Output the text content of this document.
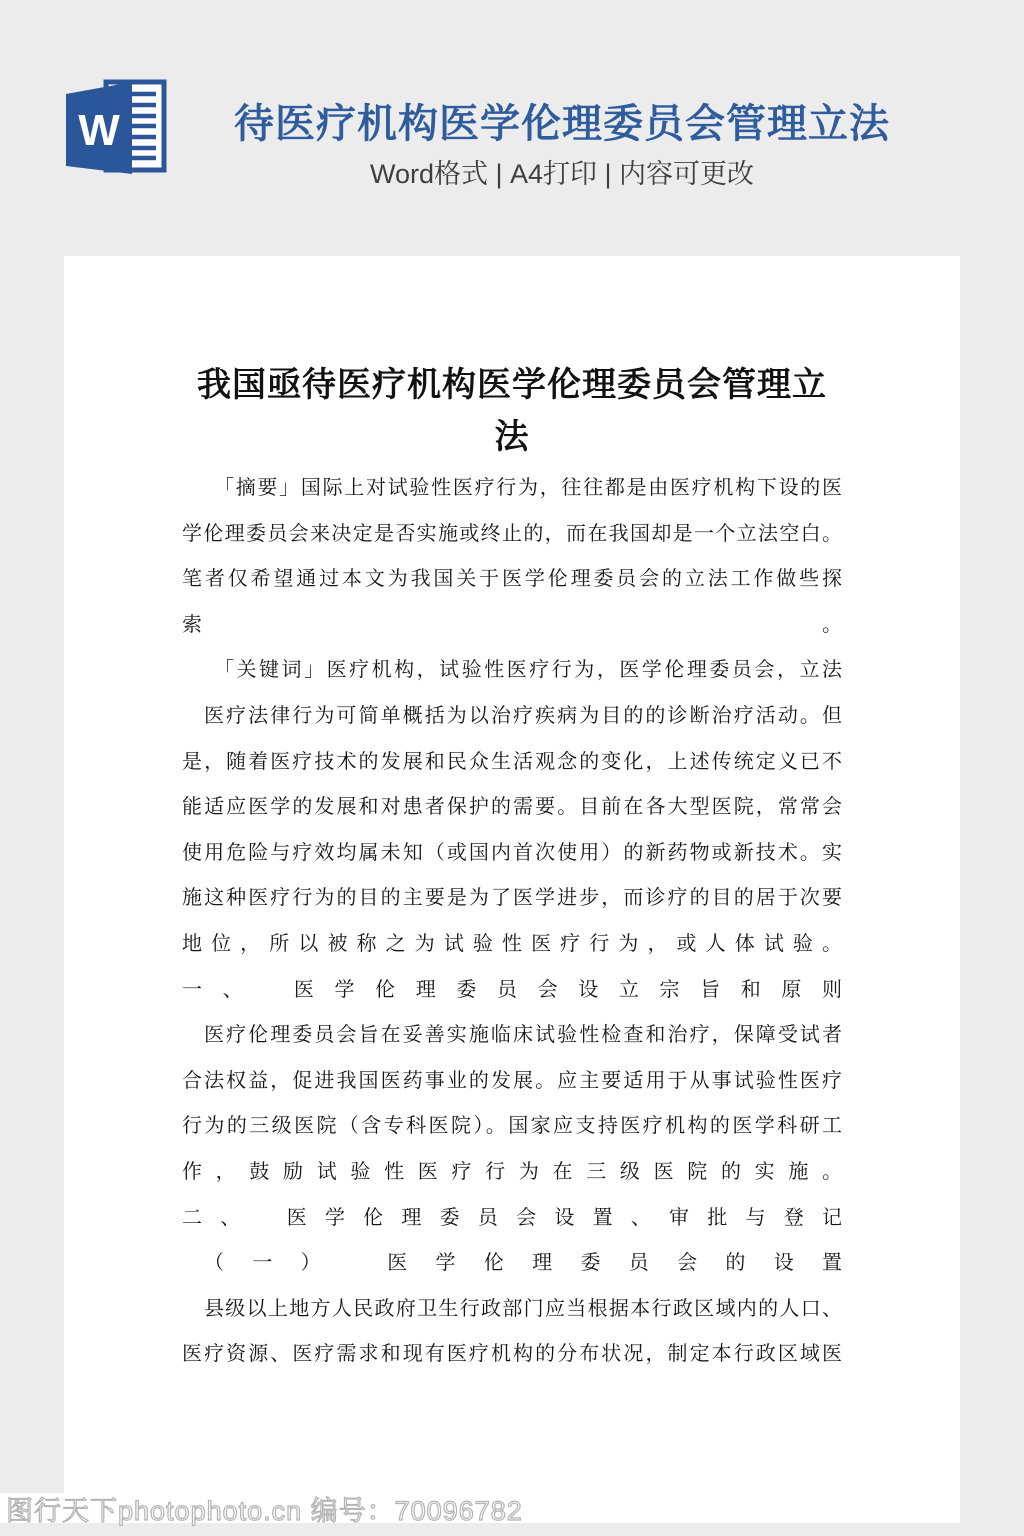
W	待医疗机构医学伦理委员会管理立法
Word格式 | A4打印 | 内容可更改
我国亟待医疗机构医学伦理委员会管理立
法
「摘要」国际上对试验性医疗行为，往往都是由医疗机构下设的医
学伦理委员会来决定是否实施或终止的，而在我国却是一个立法空白。
笔者仅希望通过本文为我国关于医学伦理委员会的立法工作做些探
索。
「关键词」医疗机构，试验性医疗行为，医学伦理委员会，立法
医疗法律行为可简单概括为以治疗疾病为目的的诊断治疗活动。但
是，随着医疗技术的发展和民众生活观念的变化，上述传统定义已不
能适应医学的发展和对患者保护的需要。目前在各大型医院，常常会
使用危险与疗效均属未知（或国内首次使用）的新药物或新技术。实
施这种医疗行为的目的主要是为了医学进步，而诊疗的目的居于次要
地位，所以被称之为试验性医疗行为，或人体试验。
一、　医学伦理委员会设立宗旨和原则
医疗伦理委员会旨在妥善实施临床试验性检查和治疗，保障受试者
合法权益，促进我国医药事业的发展。应主要适用于从事试验性医疗
行为的三级医院（含专科医院）。国家应支持医疗机构的医学科研工
作，鼓励试验性医疗行为在三级医院的实施。
二、　医学伦理委员会设置、审批与登记
（一）　医学伦理委员会的设置
县级以上地方人民政府卫生行政部门应当根据本行政区域内的人口、
医疗资源、医疗需求和现有医疗机构的分布状况，制定本行政区域医
图行天下photophoto.cn 编号：70096782
